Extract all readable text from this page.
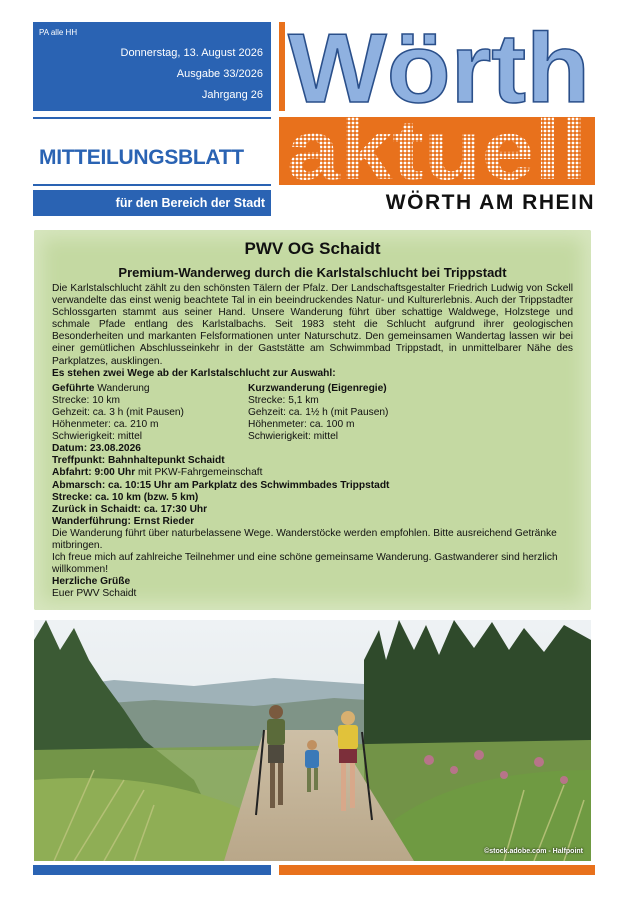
PA alle HH
Donnerstag, 13. August 2026
Ausgabe 33/2026
Jahrgang 26
MITTEILUNGSBLATT
für den Bereich der Stadt
Wörth
aktuell
WÖRTH AM RHEIN
PWV OG Schaidt
Premium-Wanderweg durch die Karlstalschlucht bei Trippstadt

Die Karlstalschlucht zählt zu den schönsten Tälern der Pfalz. Der Landschaftsgestalter Friedrich Ludwig von Sckell verwandelte das einst wenig beachtete Tal in ein beeindruckendes Natur- und Kulturerlebnis. Auch der Trippstadter Schlossgarten stammt aus seiner Hand. Unsere Wanderung führt über schattige Waldwege, Holzstege und schmale Pfade entlang des Karlstalbachs. Seit 1983 steht die Schlucht aufgrund ihrer geologischen Besonderheiten und markanten Felsformationen unter Naturschutz. Den gemeinsamen Wandertag lassen wir bei einer gemütlichen Abschlusseinkehr in der Gaststätte am Schwimmbad Trippstadt, in unmittelbarer Nähe des Parkplatzes, ausklingen.

Es stehen zwei Wege ab der Karlstalschlucht zur Auswahl:

Geführte Wanderung
Strecke: 10 km
Gehzeit: ca. 3 h (mit Pausen)
Höhenmeter: ca. 210 m
Schwierigkeit: mittel
Kurzwanderung (Eigenregie)
Strecke: 5,1 km
Gehzeit: ca. 1½ h (mit Pausen)
Höhenmeter: ca. 100 m
Schwierigkeit: mittel

Datum: 23.08.2026

Treffpunkt: Bahnhaltepunkt Schaidt

Abfahrt: 9:00 Uhr mit PKW-Fahrgemeinschaft

Abmarsch: ca. 10:15 Uhr am Parkplatz des Schwimmbades Trippstadt

Strecke: ca. 10 km (bzw. 5 km)

Zurück in Schaidt: ca. 17:30 Uhr

Wanderführung: Ernst Rieder

Die Wanderung führt über naturbelassene Wege. Wanderstöcke werden empfohlen. Bitte ausreichend Getränke mitbringen.

Ich freue mich auf zahlreiche Teilnehmer und eine schöne gemeinsame Wanderung. Gastwanderer sind herzlich willkommen!

Herzliche Grüße

Euer PWV Schaidt

©stock.adobe.com - Halfpoint
